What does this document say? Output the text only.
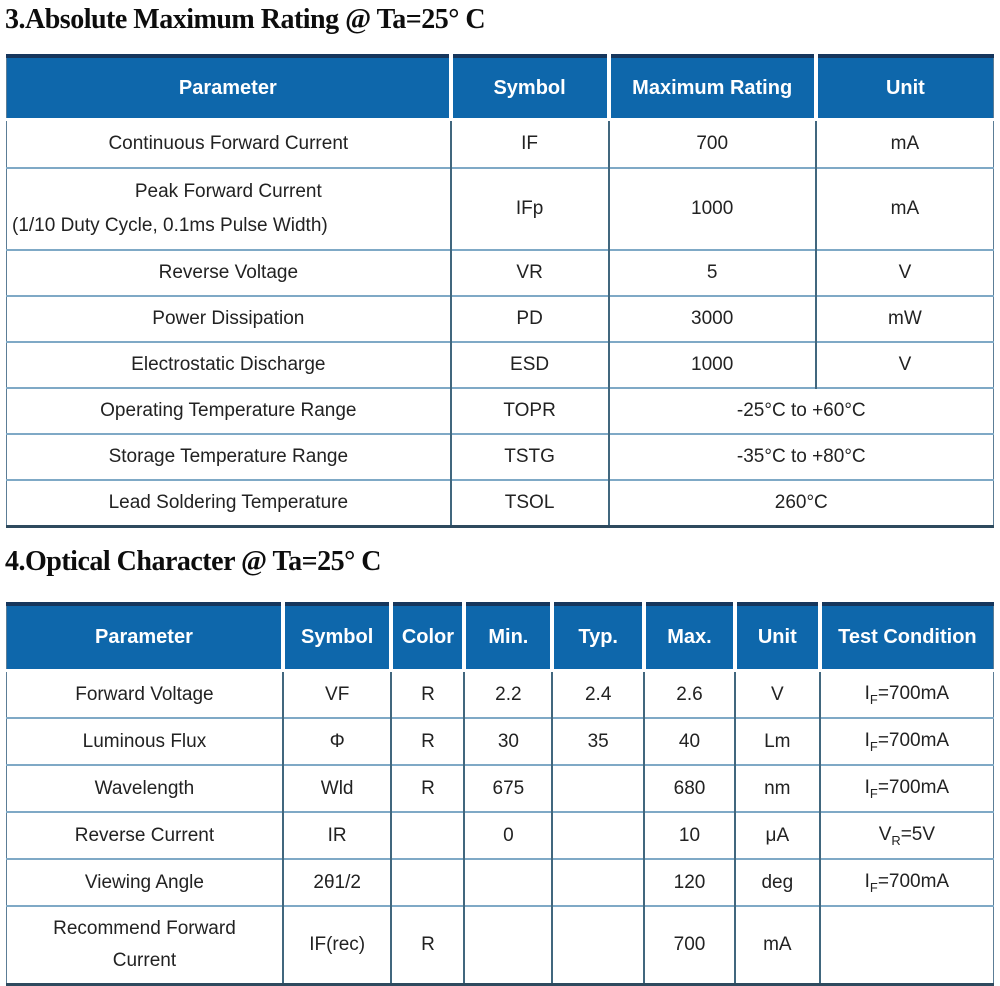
3.Absolute Maximum Rating @ Ta=25° C
Parameter	Symbol	Maximum Rating	Unit
Continuous Forward Current	IF	700	mA

Peak Forward Current
(1/10 Duty Cycle, 0.1ms Pulse Width)	IFp	1000	mA
Reverse Voltage	VR	5	V
Power Dissipation	PD	3000	mW
Electrostatic Discharge	ESD	1000	V
Operating Temperature Range	TOPR	-25°C to +60°C	
Storage Temperature Range	TSTG	-35°C to +80°C	
Lead Soldering Temperature	TSOL	260°C	
4.Optical Character @ Ta=25° C
Parameter	Symbol	Color	Min.	Typ.	Max.	Unit	Test Condition
Forward Voltage	VF	R	2.2	2.4	2.6	V	$I_F=700mA$
Luminous Flux	Φ	R	30	35	40	Lm	$I_F=700mA$
Wavelength	Wld	R	675		680	nm	$I_F=700mA$
Reverse Current	IR		0		10	μA	$V_R=5V$
Viewing Angle	2θ1/2				120	deg	$I_F=700mA$

Recommend Forward
Current	IF(rec)	R			700	mA	
